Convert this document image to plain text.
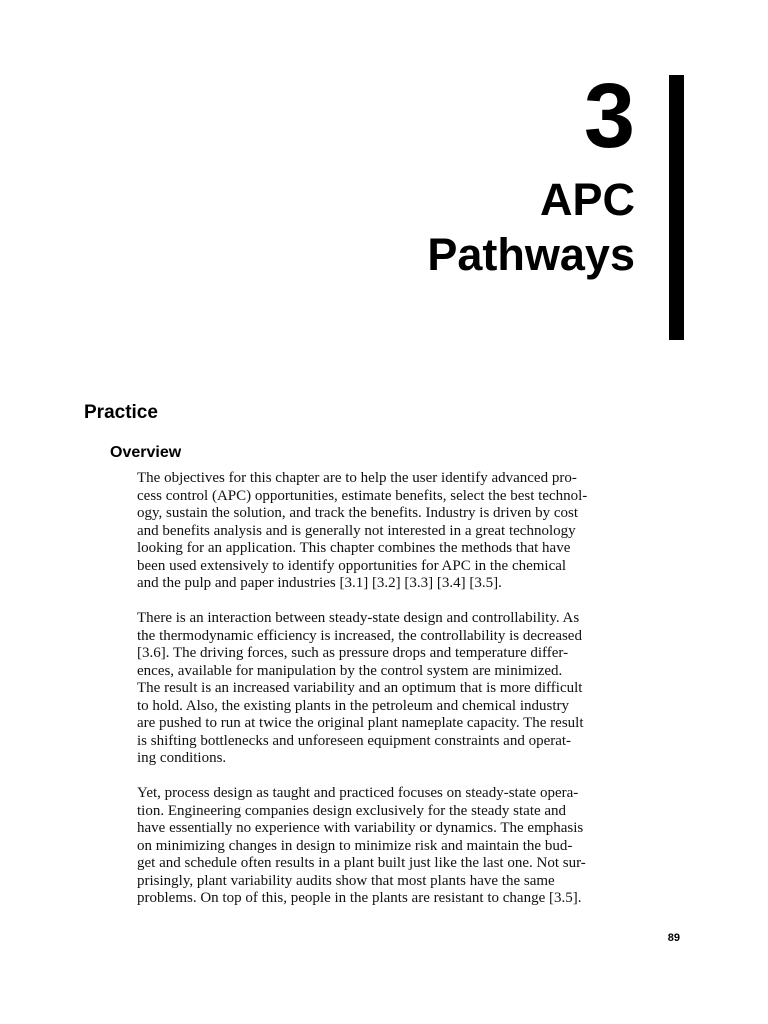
3
APC
Pathways
Practice
Overview

The objectives for this chapter are to help the user identify advanced pro-
cess control (APC) opportunities, estimate benefits, select the best technol-
ogy, sustain the solution, and track the benefits. Industry is driven by cost
and benefits analysis and is generally not interested in a great technology
looking for an application. This chapter combines the methods that have
been used extensively to identify opportunities for APC in the chemical
and the pulp and paper industries [3.1] [3.2] [3.3] [3.4] [3.5].

There is an interaction between steady-state design and controllability. As
the thermodynamic efficiency is increased, the controllability is decreased
[3.6]. The driving forces, such as pressure drops and temperature differ-
ences, available for manipulation by the control system are minimized.
The result is an increased variability and an optimum that is more difficult
to hold. Also, the existing plants in the petroleum and chemical industry
are pushed to run at twice the original plant nameplate capacity. The result
is shifting bottlenecks and unforeseen equipment constraints and operat-
ing conditions.

Yet, process design as taught and practiced focuses on steady-state opera-
tion. Engineering companies design exclusively for the steady state and
have essentially no experience with variability or dynamics. The emphasis
on minimizing changes in design to minimize risk and maintain the bud-
get and schedule often results in a plant built just like the last one. Not sur-
prisingly, plant variability audits show that most plants have the same
problems. On top of this, people in the plants are resistant to change [3.5].

89
